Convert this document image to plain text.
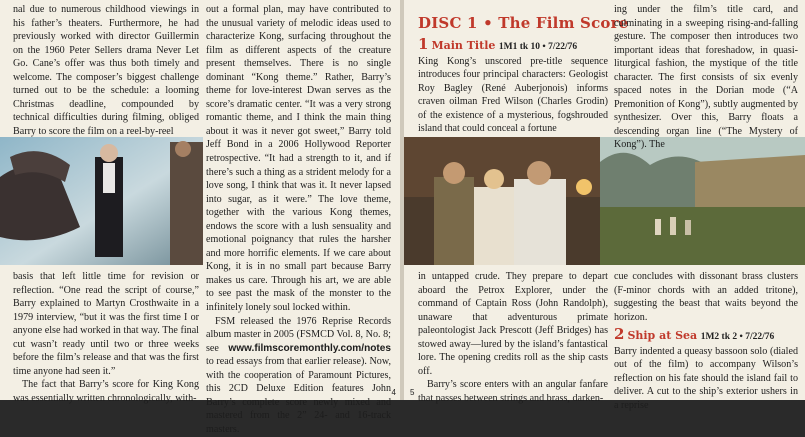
nal due to numerous childhood viewings in his father’s theaters. Furthermore, he had previously worked with director Guillermin on the 1960 Peter Sellers drama Never Let Go. Cane’s offer was thus both timely and welcome. The composer’s biggest challenge turned out to be the schedule: a looming Christmas deadline, compounded by technical difficulties during filming, obliged Barry to score the film on a reel-by-reel

basis that left little time for revision or reflection. “One read the script of course,” Barry explained to Martyn Crosthwaite in a 1979 interview, “but it was the first time I or anyone else had worked in that way. The final cut wasn’t ready until two or three weeks before the film’s release and that was the first time anyone had seen it.”

The fact that Barry’s score for King Kong was essentially written chronologically, with-

out a formal plan, may have contributed to the unusual variety of melodic ideas used to characterize Kong, surfacing throughout the film as different aspects of the creature present themselves. There is no single dominant “Kong theme.” Rather, Barry’s theme for love-interest Dwan serves as the score’s dramatic center. “It was a very strong romantic theme, and I think the main thing about it was it never got sweet,” Barry told Jeff Bond in a 2006 Hollywood Reporter retrospective. “It had a strength to it, and if there’s such a thing as a strident melody for a love song, I think that was it. It never lapsed into sugar, as it were.” The love theme, together with the various Kong themes, endows the score with a lush sensuality and emotional poignancy that rules the harsher and more horrific elements. If we care about Kong, it is in no small part because Barry makes us care. Through his art, we are able to see past the mask of the monster to the infinitely lonely soul locked within.

FSM released the 1976 Reprise Records album master in 2005 (FSMCD Vol. 8, No. 8; see www.filmscoremonthly.com/notes to read essays from that earlier release). Now, with the cooperation of Paramount Pictures, this 2CD Deluxe Edition features John Barry’s complete score newly mixed and mastered from the 2” 24- and 16-track masters.

4
DISC 1 • The Film Score
1 Main Title 1M1 tk 10 • 7/22/76

King Kong’s unscored pre-title sequence introduces four principal characters: Geologist Roy Bagley (René Auberjonois) informs craven oilman Fred Wilson (Charles Grodin) of the existence of a mysterious, fogshrouded island that could conceal a fortune

in untapped crude. They prepare to depart aboard the Petrox Explorer, under the command of Captain Ross (John Randolph), unaware that adventurous primate paleontologist Jack Prescott (Jeff Bridges) has stowed away—lured by the island’s fantastical lore. The opening credits roll as the ship casts off.

Barry’s score enters with an angular fanfare that passes between strings and brass, darken-

ing under the film’s title card, and culminating in a sweeping rising-and-falling gesture. The composer then introduces two important ideas that foreshadow, in quasi-liturgical fashion, the mystique of the title character. The first consists of six evenly spaced notes in the Dorian mode (“A Premonition of Kong”), subtly augmented by synthesizer. Over this, Barry floats a descending organ line (“The Mystery of Kong”). The

cue concludes with dissonant brass clusters (F-minor chords with an added tritone), suggesting the beast that waits beyond the horizon.

2 Ship at Sea 1M2 tk 2 • 7/22/76

Barry indented a queasy bassoon solo (dialed out of the film) to accompany Wilson’s reflection on his fate should the island fail to deliver. A cut to the ship’s exterior ushers in a reprise

5
